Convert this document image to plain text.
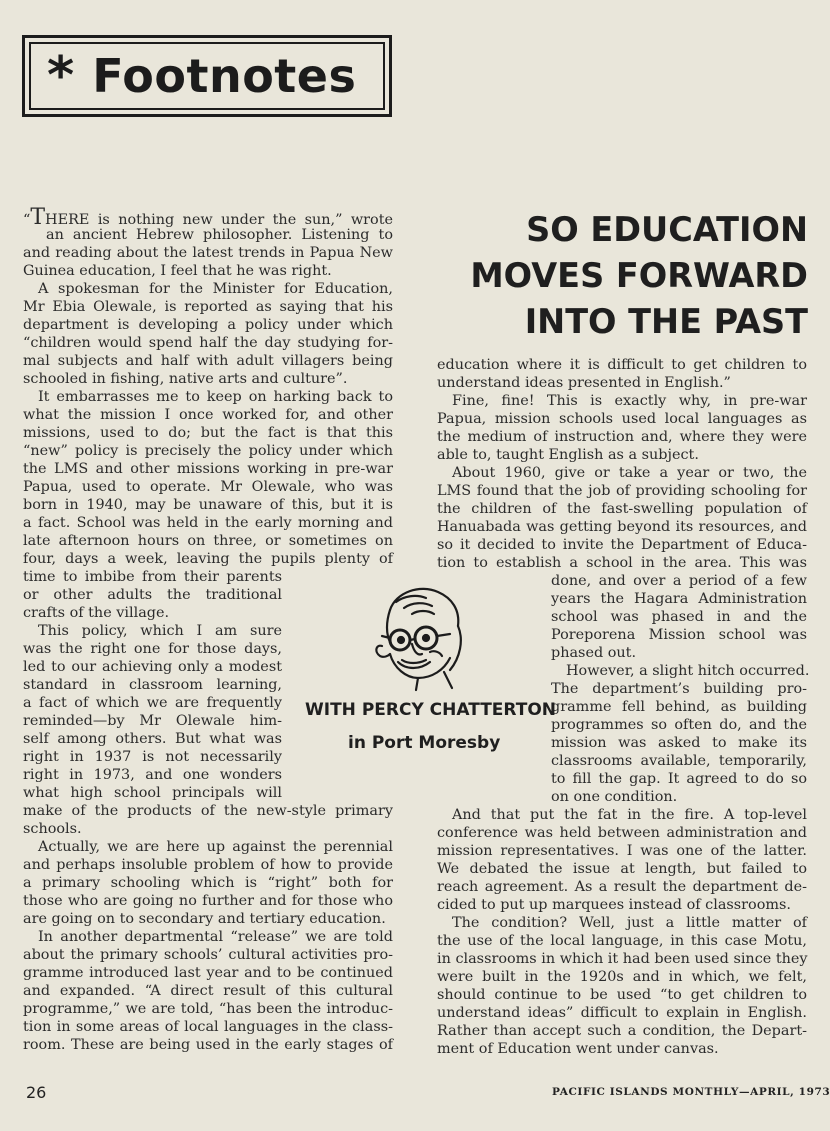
* Footnotes
SO EDUCATION
MOVES FORWARD
INTO THE PAST
“THERE is nothing new under the sun,” wrote
an ancient Hebrew philosopher. Listening to
and reading about the latest trends in Papua New
Guinea education, I feel that he was right.
A spokesman for the Minister for Education,
Mr Ebia Olewale, is reported as saying that his
department is developing a policy under which
“children would spend half the day studying for-
mal subjects and half with adult villagers being
schooled in fishing, native arts and culture”.
It embarrasses me to keep on harking back to
what the mission I once worked for, and other
missions, used to do; but the fact is that this
“new” policy is precisely the policy under which
the LMS and other missions working in pre-war
Papua, used to operate. Mr Olewale, who was
born in 1940, may be unaware of this, but it is
a fact. School was held in the early morning and
late afternoon hours on three, or sometimes on
four, days a week, leaving the pupils plenty of
time to imbibe from their parents
or other adults the traditional
crafts of the village.
This policy, which I am sure
was the right one for those days,
led to our achieving only a modest
standard in classroom learning,
a fact of which we are frequently
reminded—by Mr Olewale him-
self among others. But what was
right in 1937 is not necessarily
right in 1973, and one wonders
what high school principals will
make of the products of the new-style primary
schools.
Actually, we are here up against the perennial
and perhaps insoluble problem of how to provide
a primary schooling which is “right” both for
those who are going no further and for those who
are going on to secondary and tertiary education.
In another departmental “release” we are told
about the primary schools’ cultural activities pro-
gramme introduced last year and to be continued
and expanded. “A direct result of this cultural
programme,” we are told, “has been the introduc-
tion in some areas of local languages in the class-
room. These are being used in the early stages of
education where it is difficult to get children to
understand ideas presented in English.”
Fine, fine! This is exactly why, in pre-war
Papua, mission schools used local languages as
the medium of instruction and, where they were
able to, taught English as a subject.
About 1960, give or take a year or two, the
LMS found that the job of providing schooling for
the children of the fast-swelling population of
Hanuabada was getting beyond its resources, and
so it decided to invite the Department of Educa-
tion to establish a school in the area. This was
done, and over a period of a few
years the Hagara Administration
school was phased in and the
Poreporena Mission school was
phased out.
However, a slight hitch occurred.
The department’s building pro-
gramme fell behind, as building
programmes so often do, and the
mission was asked to make its
classrooms available, temporarily,
to fill the gap. It agreed to do so
on one condition.
And that put the fat in the fire. A top-level
conference was held between administration and
mission representatives. I was one of the latter.
We debated the issue at length, but failed to
reach agreement. As a result the department de-
cided to put up marquees instead of classrooms.
The condition? Well, just a little matter of
the use of the local language, in this case Motu,
in classrooms in which it had been used since they
were built in the 1920s and in which, we felt,
should continue to be used “to get children to
understand ideas” difficult to explain in English.
Rather than accept such a condition, the Depart-
ment of Education went under canvas.
WITH PERCY CHATTERTON
in Port Moresby
26	PACIFIC ISLANDS MONTHLY—APRIL, 1973
